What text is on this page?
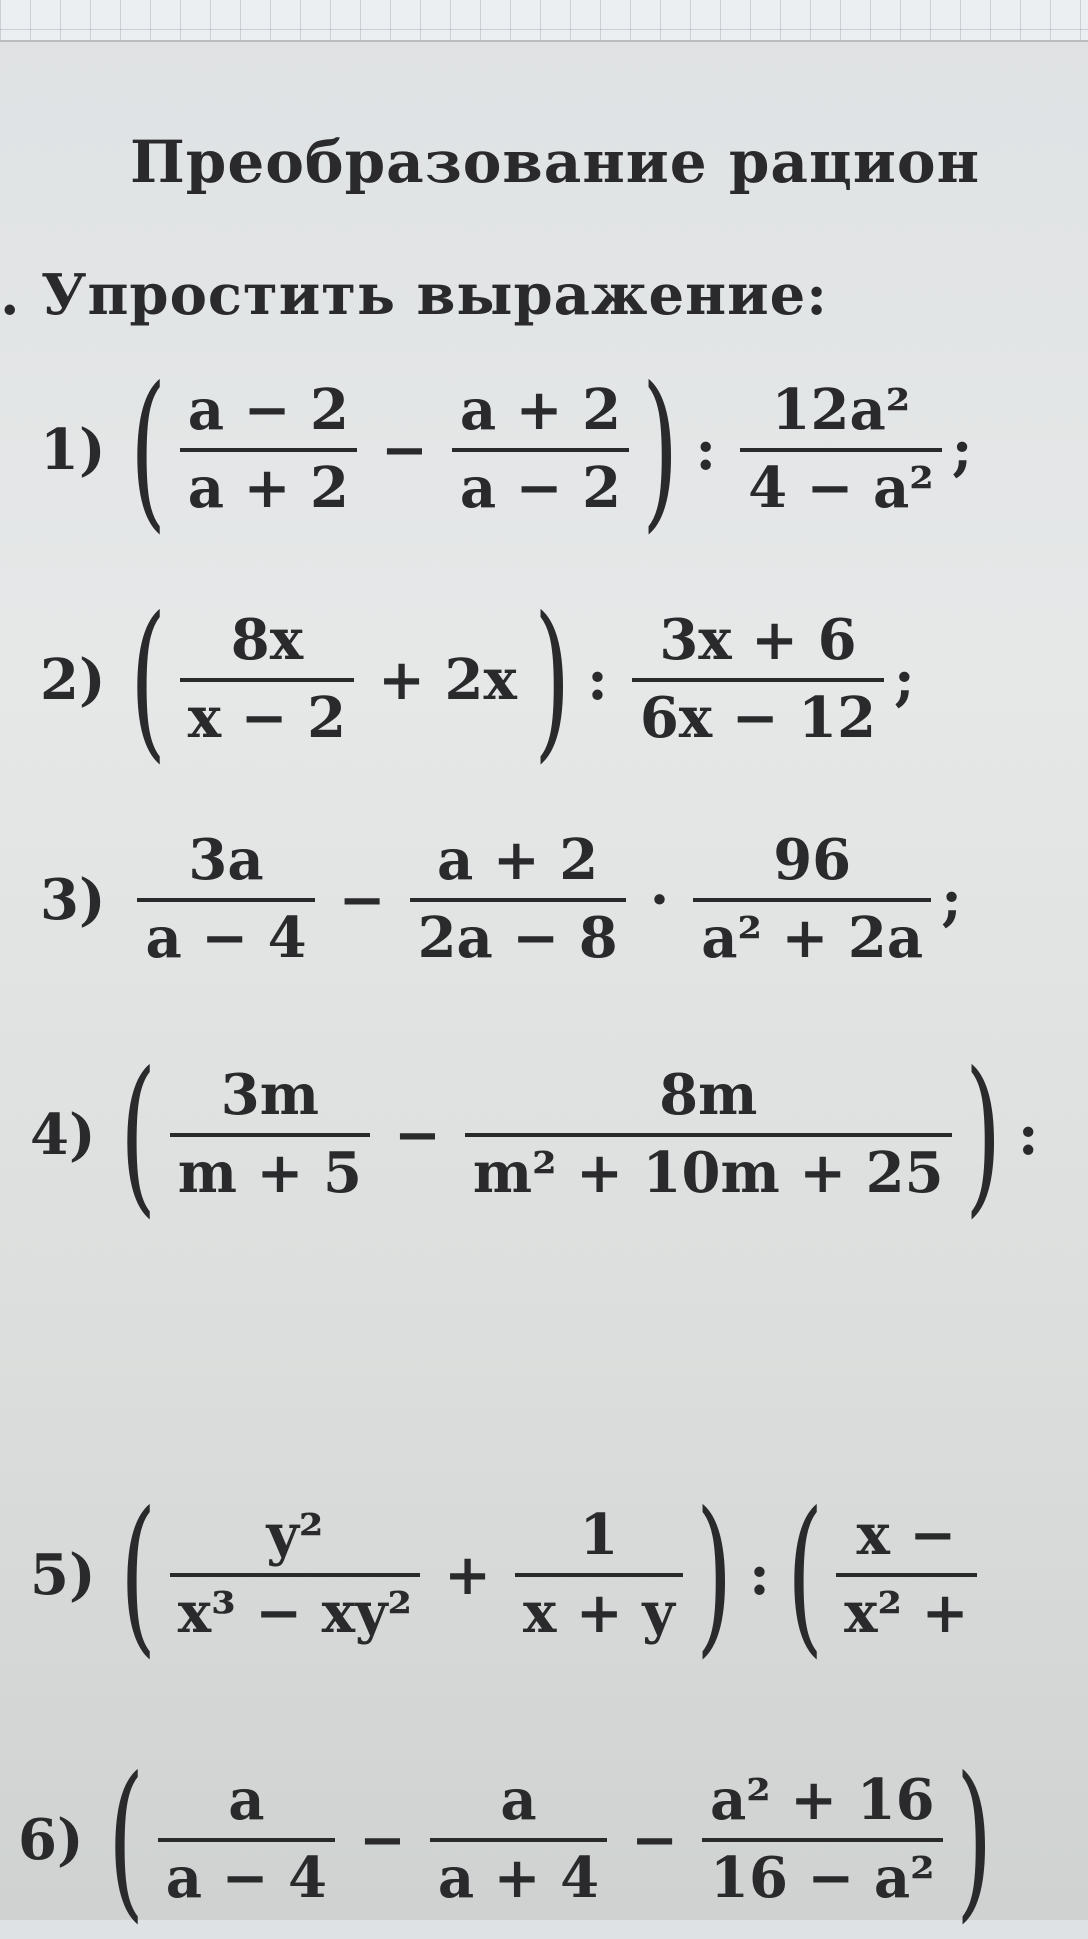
Преобразование рацион
. Упростить выражение:
1) ( $\frac{a - 2}{a + 2} - \frac{a + 2}{a - 2}$ ) : $\frac{\text{12a²}}{\text{4 − a²}}$ ;
2) ( $\frac{8x}{x - 2} + 2x$ ) : $\frac{3x + 6}{6x - 12}$ ;
$3) \frac{3a}{a - 4} - \frac{a + 2}{2a - 8} \cdot \frac{96}{\text{a² + 2a}}$ ;
4) ( $\frac{3m}{m + 5} - \frac{8m}{\text{m² + 10m + 25}}$ ) :
5) ( $\frac{\text{y²}}{\text{x³ − xy²}} + \frac{1}{x + y}$ ) : ( $\frac{x -}{\text{x² +}}$
6) ( $\frac{a}{a - 4} - \frac{a}{a + 4} - \frac{\text{a² + 16}}{\text{16 − a²}}$ )
